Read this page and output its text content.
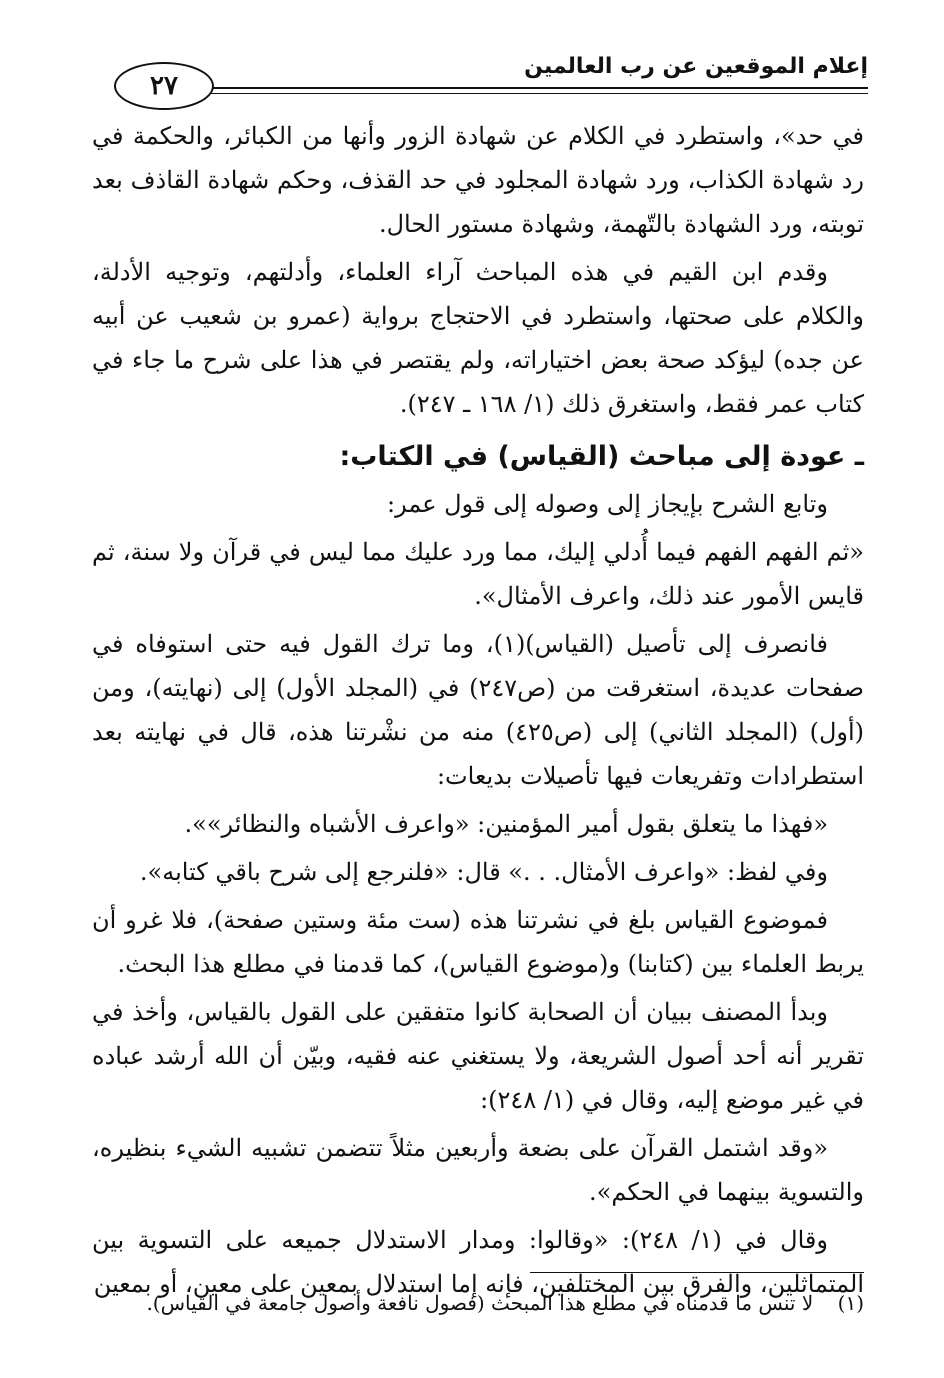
إعلام الموقعين عن رب العالمين
٢٧

في حد»، واستطرد في الكلام عن شهادة الزور وأنها من الكبائر، والحكمة في رد شهادة الكذاب، ورد شهادة المجلود في حد القذف، وحكم شهادة القاذف بعد توبته، ورد الشهادة بالتّهمة، وشهادة مستور الحال.

وقدم ابن القيم في هذه المباحث آراء العلماء، وأدلتهم، وتوجيه الأدلة، والكلام على صحتها، واستطرد في الاحتجاج برواية (عمرو بن شعيب عن أبيه عن جده) ليؤكد صحة بعض اختياراته، ولم يقتصر في هذا على شرح ما جاء في كتاب عمر فقط، واستغرق ذلك (١/ ١٦٨ ـ ٢٤٧).

ـ عودة إلى مباحث (القياس) في الكتاب:

وتابع الشرح بإيجاز إلى وصوله إلى قول عمر:

«ثم الفهم الفهم فيما أُدلي إليك، مما ورد عليك مما ليس في قرآن ولا سنة، ثم قايس الأمور عند ذلك، واعرف الأمثال».

فانصرف إلى تأصيل (القياس)(١)، وما ترك القول فيه حتى استوفاه في صفحات عديدة، استغرقت من (ص٢٤٧) في (المجلد الأول) إلى (نهايته)، ومن (أول) (المجلد الثاني) إلى (ص٤٢٥) منه من نشْرتنا هذه، قال في نهايته بعد استطرادات وتفريعات فيها تأصيلات بديعات:

«فهذا ما يتعلق بقول أمير المؤمنين: «واعرف الأشباه والنظائر»».

وفي لفظ: «واعرف الأمثال. . .» قال: «فلنرجع إلى شرح باقي كتابه».

فموضوع القياس بلغ في نشرتنا هذه (ست مئة وستين صفحة)، فلا غرو أن يربط العلماء بين (كتابنا) و(موضوع القياس)، كما قدمنا في مطلع هذا البحث.

وبدأ المصنف ببيان أن الصحابة كانوا متفقين على القول بالقياس، وأخذ في تقرير أنه أحد أصول الشريعة، ولا يستغني عنه فقيه، وبيّن أن الله أرشد عباده في غير موضع إليه، وقال في (١/ ٢٤٨):

«وقد اشتمل القرآن على بضعة وأربعين مثلاً تتضمن تشبيه الشيء بنظيره، والتسوية بينهما في الحكم».

وقال في (١/ ٢٤٨): «وقالوا: ومدار الاستدلال جميعه على التسوية بين المتماثلين، والفرق بين المختلفين، فإنه إما استدلال بمعين على معين، أو بمعين

(١) لا تنس ما قدمناه في مطلع هذا المبحث (فصول نافعة وأصول جامعة في القياس).
